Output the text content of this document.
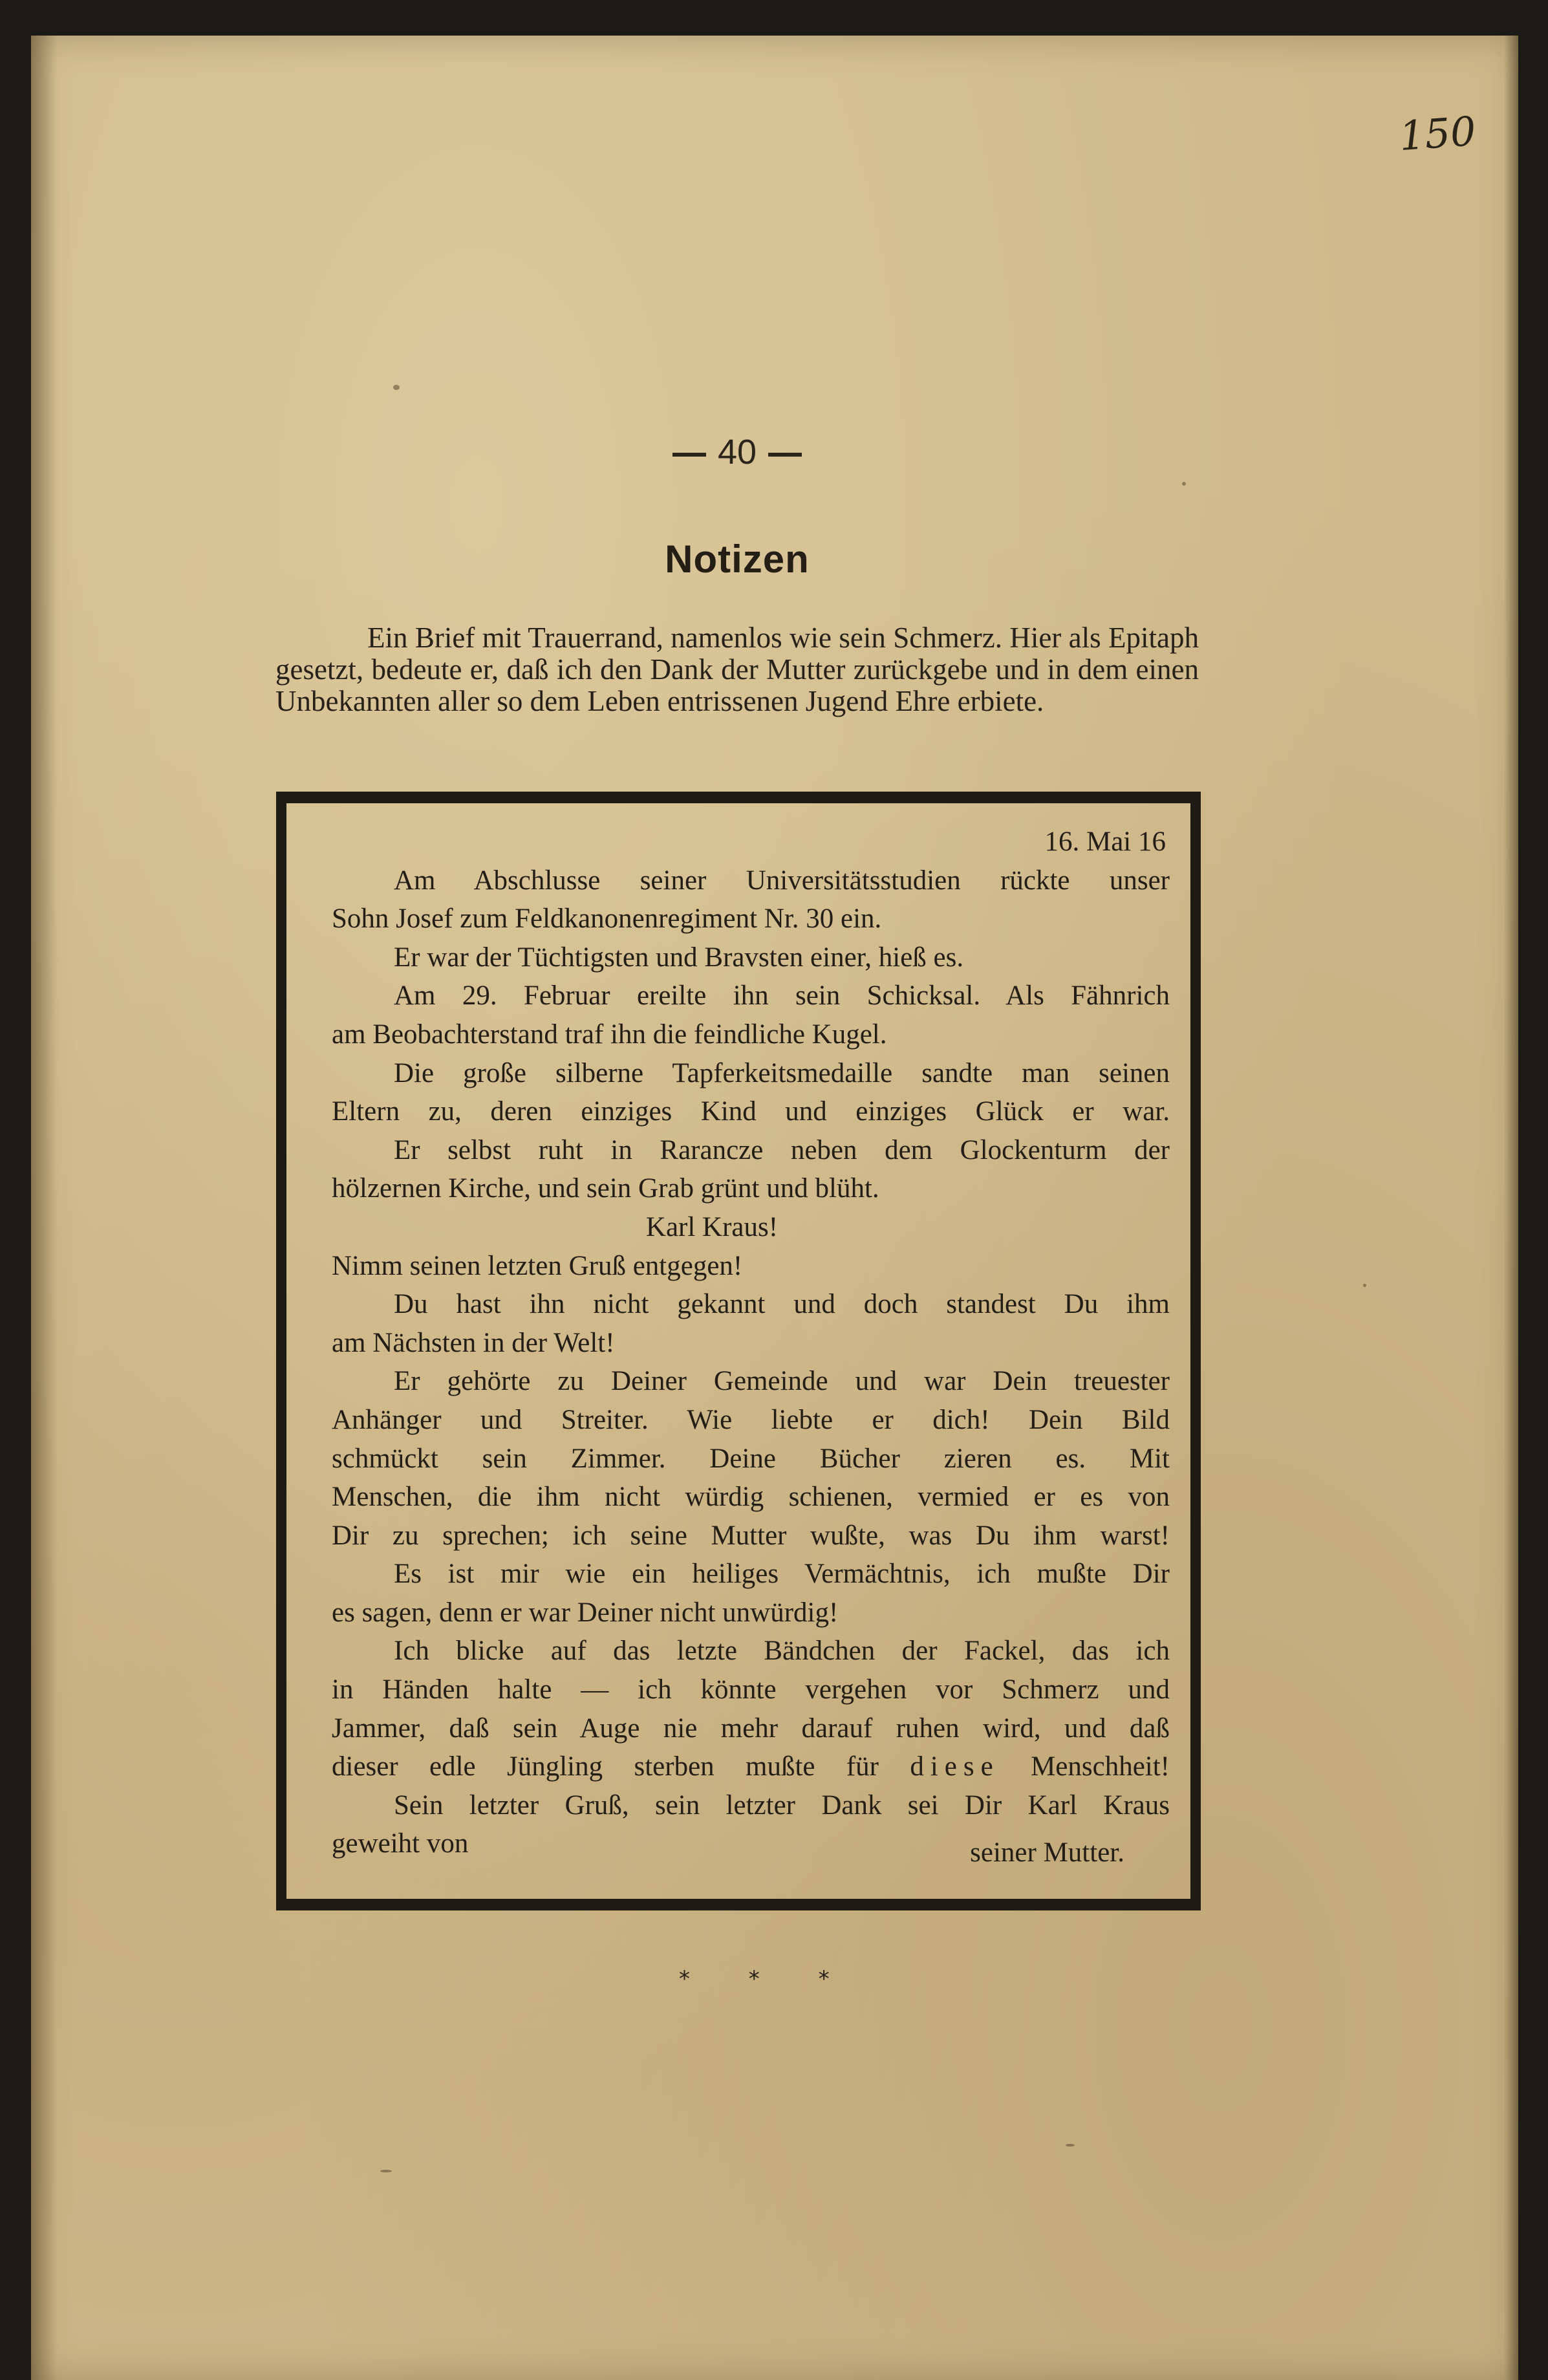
150
40
Notizen

Ein Brief mit Trauerrand, namenlos wie sein Schmerz. Hier als Epitaph gesetzt, bedeute er, daß ich den Dank der Mutter zurückgebe und in dem einen Unbekannten aller so dem Leben entrissenen Jugend Ehre erbiete.

16. Mai 16
Am Abschlusse seiner Universitätsstudien rückte unser
Sohn Josef zum Feldkanonenregiment Nr. 30 ein.
Er war der Tüchtigsten und Bravsten einer, hieß es.
Am 29. Februar ereilte ihn sein Schicksal. Als Fähnrich
am Beobachterstand traf ihn die feindliche Kugel.
Die große silberne Tapferkeitsmedaille sandte man seinen
Eltern zu, deren einziges Kind und einziges Glück er war.
Er selbst ruht in Rarancze neben dem Glockenturm der
hölzernen Kirche, und sein Grab grünt und blüht.
Karl Kraus!
Nimm seinen letzten Gruß entgegen!
Du hast ihn nicht gekannt und doch standest Du ihm
am Nächsten in der Welt!
Er gehörte zu Deiner Gemeinde und war Dein treuester
Anhänger und Streiter. Wie liebte er dich! Dein Bild
schmückt sein Zimmer. Deine Bücher zieren es. Mit
Menschen, die ihm nicht würdig schienen, vermied er es von
Dir zu sprechen; ich seine Mutter wußte, was Du ihm warst!
Es ist mir wie ein heiliges Vermächtnis, ich mußte Dir
es sagen, denn er war Deiner nicht unwürdig!
Ich blicke auf das letzte Bändchen der Fackel, das ich
in Händen halte — ich könnte vergehen vor Schmerz und
Jammer, daß sein Auge nie mehr darauf ruhen wird, und daß
dieser edle Jüngling sterben mußte für diese Menschheit!
Sein letzter Gruß, sein letzter Dank sei Dir Karl Kraus
geweiht von	seiner Mutter.
* * *
